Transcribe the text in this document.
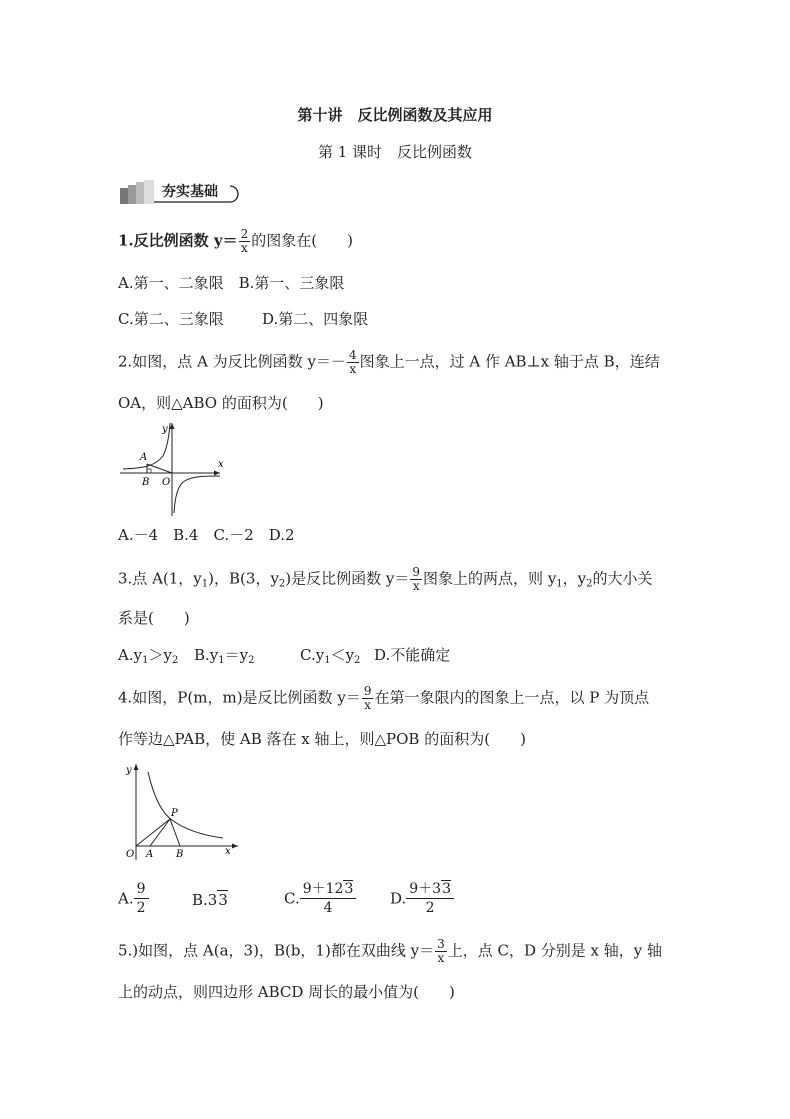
第十讲　反比例函数及其应用
第 1 课时　反比例函数
夯实基础
1.反比例函数 $y= \frac{2}{x}$ 的图象在(　　)
A.第一、二象限　B.第一、三象限
C.第二、三象限	D.第二、四象限
2.如图，点 A 为反比例函数 $y=- \frac{4}{x}$ 图象上一点，过 A 作 AB⊥x 轴于点 B，连结
OA，则△ABO 的面积为(　　)
y
x
A
B O
A.－4　B.4　C.－2　D.2
3.点 A(1，$y_1$)，B(3，$y_2$)是反比例函数 $y= \frac{9}{x}$ 图象上的两点，则 $y_1$，$y_2$的大小关
系是(　　)
$A.y_1>y_2$ $B.y_1=y_2$	$C.y_1<y_2$ D.不能确定
4.如图，P(m，m)是反比例函数 $y= \frac{9}{x}$ 在第一象限内的图象上一点，以 P 为顶点
作等边△PAB，使 AB 落在 x 轴上，则△POB 的面积为(　　)
y
x
P
O A B
A. $\frac{9}{2}$	B.33	C. $\frac{9+123}{4} D$. $\frac{9+33}{2}$
5.)如图，点 A(a，3)，B(b，1)都在双曲线 $y= \frac{3}{x}$ 上，点 C，D 分别是 x 轴，y 轴
上的动点，则四边形 ABCD 周长的最小值为(　　)
